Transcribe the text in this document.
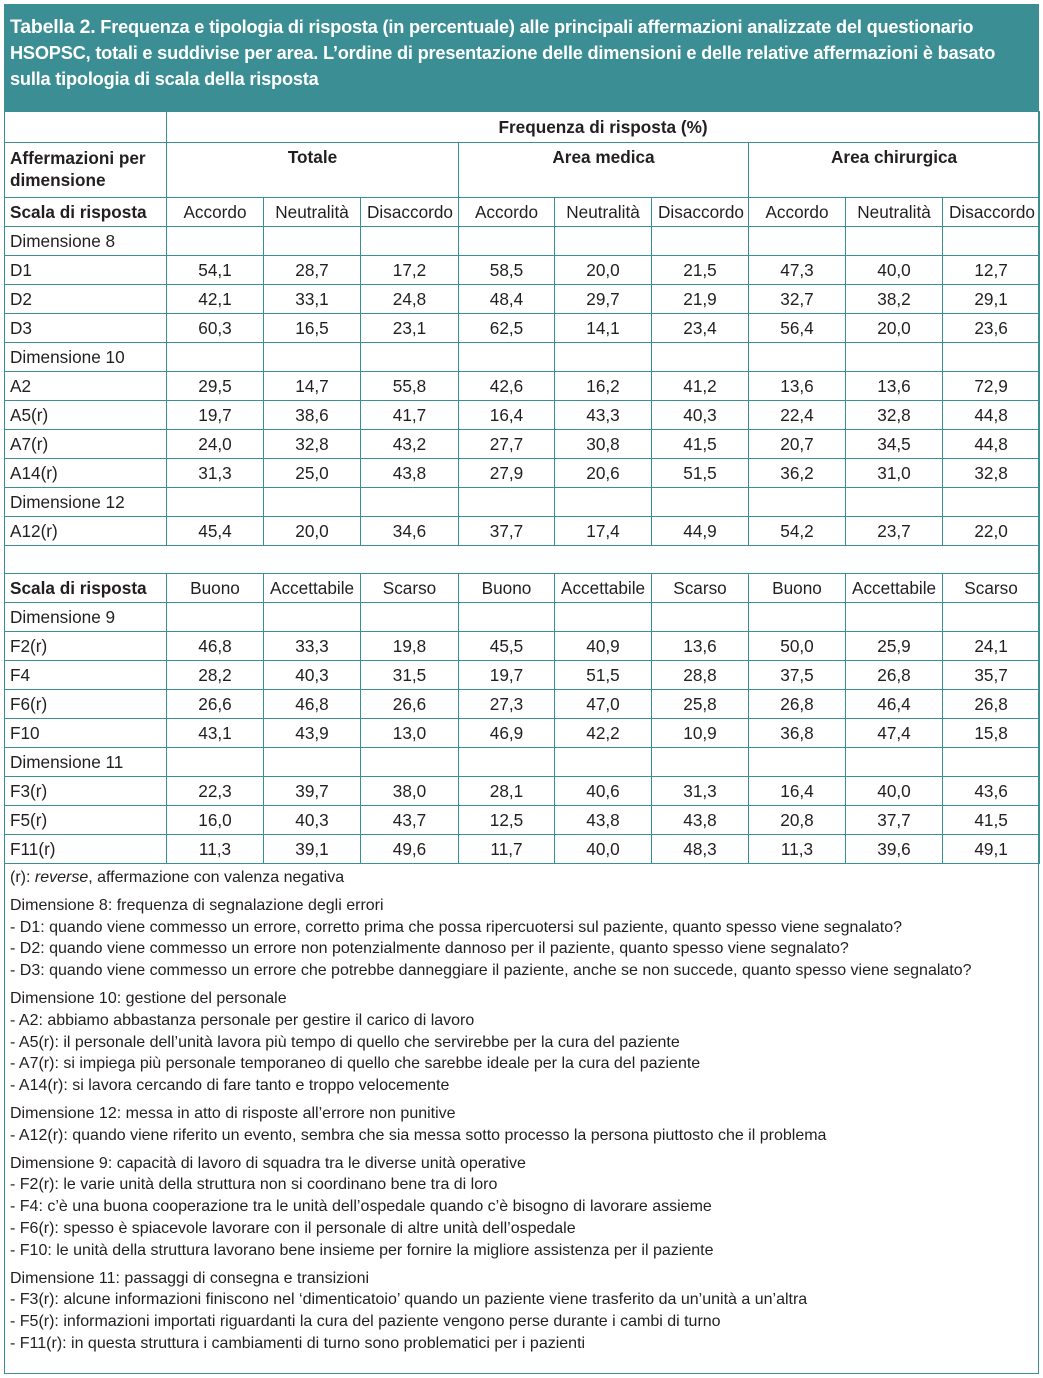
Tabella 2. Frequenza e tipologia di risposta (in percentuale) alle principali affermazioni analizzate del questionario HSOPSC, totali e suddivise per area. L’ordine di presentazione delle dimensioni e delle relative affermazioni è basato sulla tipologia di scala della risposta
	Frequenza di risposta (%)								
Affermazioni per dimensione	Totale			Area medica			Area chirurgica		
Scala di risposta	Accordo	Neutralità	Disaccordo	Accordo	Neutralità	Disaccordo	Accordo	Neutralità	Disaccordo
Dimensione 8									
D1	54,1	28,7	17,2	58,5	20,0	21,5	47,3	40,0	12,7
D2	42,1	33,1	24,8	48,4	29,7	21,9	32,7	38,2	29,1
D3	60,3	16,5	23,1	62,5	14,1	23,4	56,4	20,0	23,6
Dimensione 10									
A2	29,5	14,7	55,8	42,6	16,2	41,2	13,6	13,6	72,9
A5(r)	19,7	38,6	41,7	16,4	43,3	40,3	22,4	32,8	44,8
A7(r)	24,0	32,8	43,2	27,7	30,8	41,5	20,7	34,5	44,8
A14(r)	31,3	25,0	43,8	27,9	20,6	51,5	36,2	31,0	32,8
Dimensione 12									
A12(r)	45,4	20,0	34,6	37,7	17,4	44,9	54,2	23,7	22,0

Scala di risposta	Buono	Accettabile	Scarso	Buono	Accettabile	Scarso	Buono	Accettabile	Scarso
Dimensione 9									
F2(r)	46,8	33,3	19,8	45,5	40,9	13,6	50,0	25,9	24,1
F4	28,2	40,3	31,5	19,7	51,5	28,8	37,5	26,8	35,7
F6(r)	26,6	46,8	26,6	27,3	47,0	25,8	26,8	46,4	26,8
F10	43,1	43,9	13,0	46,9	42,2	10,9	36,8	47,4	15,8
Dimensione 11									
F3(r)	22,3	39,7	38,0	28,1	40,6	31,3	16,4	40,0	43,6
F5(r)	16,0	40,3	43,7	12,5	43,8	43,8	20,8	37,7	41,5
F11(r)	11,3	39,1	49,6	11,7	40,0	48,3	11,3	39,6	49,1
(r): reverse, affermazione con valenza negativa
Dimensione 8: frequenza di segnalazione degli errori
- D1: quando viene commesso un errore, corretto prima che possa ripercuotersi sul paziente, quanto spesso viene segnalato?
- D2: quando viene commesso un errore non potenzialmente dannoso per il paziente, quanto spesso viene segnalato?
- D3: quando viene commesso un errore che potrebbe danneggiare il paziente, anche se non succede, quanto spesso viene segnalato?
Dimensione 10: gestione del personale
- A2: abbiamo abbastanza personale per gestire il carico di lavoro
- A5(r): il personale dell’unità lavora più tempo di quello che servirebbe per la cura del paziente
- A7(r): si impiega più personale temporaneo di quello che sarebbe ideale per la cura del paziente
- A14(r): si lavora cercando di fare tanto e troppo velocemente
Dimensione 12: messa in atto di risposte all’errore non punitive
- A12(r): quando viene riferito un evento, sembra che sia messa sotto processo la persona piuttosto che il problema
Dimensione 9: capacità di lavoro di squadra tra le diverse unità operative
- F2(r): le varie unità della struttura non si coordinano bene tra di loro
- F4: c’è una buona cooperazione tra le unità dell’ospedale quando c’è bisogno di lavorare assieme
- F6(r): spesso è spiacevole lavorare con il personale di altre unità dell’ospedale
- F10: le unità della struttura lavorano bene insieme per fornire la migliore assistenza per il paziente
Dimensione 11: passaggi di consegna e transizioni
- F3(r): alcune informazioni finiscono nel ‘dimenticatoio’ quando un paziente viene trasferito da un’unità a un’altra
- F5(r): informazioni importati riguardanti la cura del paziente vengono perse durante i cambi di turno
- F11(r): in questa struttura i cambiamenti di turno sono problematici per i pazienti
